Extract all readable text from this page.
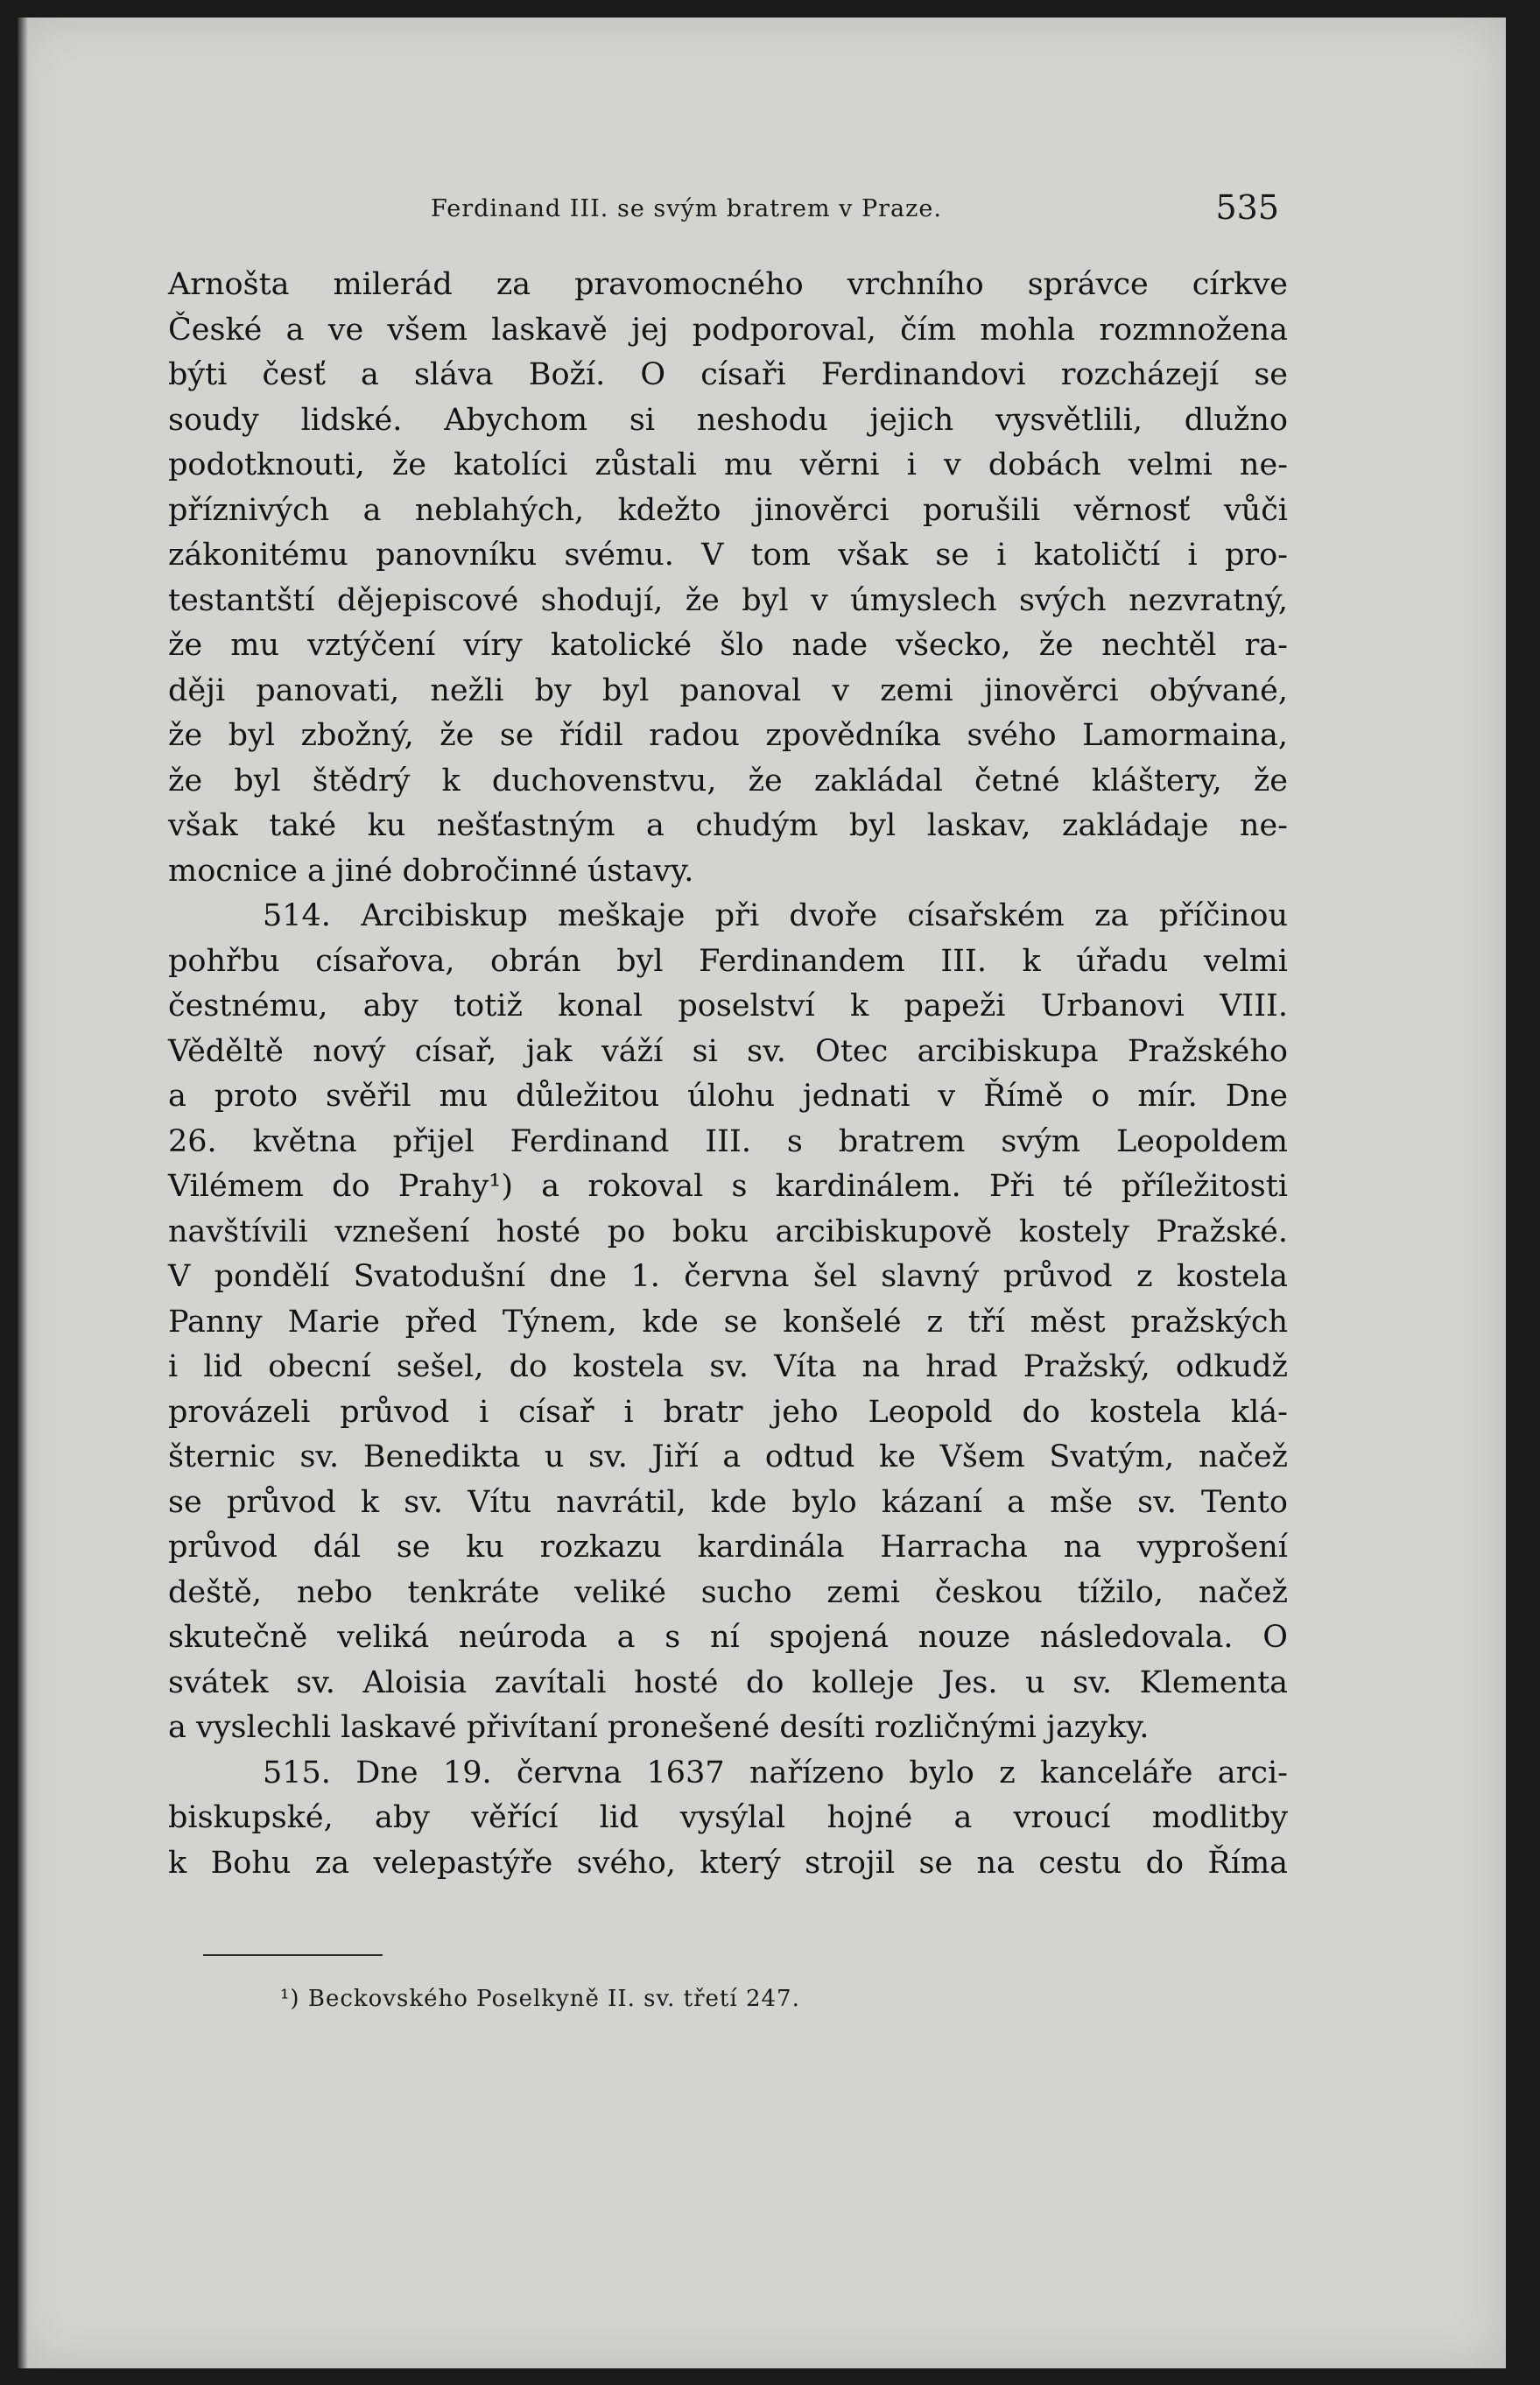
Ferdinand III. se svým bratrem v Praze.	535
Arnošta milerád za pravomocného vrchního správce církve
České a ve všem laskavě jej podporoval, čím mohla rozmnožena
býti česť a sláva Boží. O císaři Ferdinandovi rozcházejí se
soudy lidské. Abychom si neshodu jejich vysvětlili, dlužno
podotknouti, že katolíci zůstali mu věrni i v dobách velmi ne-
příznivých a neblahých, kdežto jinověrci porušili věrnosť vůči
zákonitému panovníku svému. V tom však se i katoličtí i pro-
testantští dějepiscové shodují, že byl v úmyslech svých nezvratný,
že mu vztýčení víry katolické šlo nade všecko, že nechtěl ra-
ději panovati, nežli by byl panoval v zemi jinověrci obývané,
že byl zbožný, že se řídil radou zpovědníka svého Lamormaina,
že byl štědrý k duchovenstvu, že zakládal četné kláštery, že
však také ku nešťastným a chudým byl laskav, zakládaje ne-
mocnice a jiné dobročinné ústavy.
514. Arcibiskup meškaje při dvoře císařském za příčinou
pohřbu císařova, obrán byl Ferdinandem III. k úřadu velmi
čestnému, aby totiž konal poselství k papeži Urbanovi VIII.
Věděltě nový císař, jak váží si sv. Otec arcibiskupa Pražského
a proto svěřil mu důležitou úlohu jednati v Římě o mír. Dne
26. května přijel Ferdinand III. s bratrem svým Leopoldem
Vilémem do Prahy¹) a rokoval s kardinálem. Při té příležitosti
navštívili vznešení hosté po boku arcibiskupově kostely Pražské.
V pondělí Svatodušní dne 1. června šel slavný průvod z kostela
Panny Marie před Týnem, kde se konšelé z tří měst pražských
i lid obecní sešel, do kostela sv. Víta na hrad Pražský, odkudž
provázeli průvod i císař i bratr jeho Leopold do kostela klá-
šternic sv. Benedikta u sv. Jiří a odtud ke Všem Svatým, načež
se průvod k sv. Vítu navrátil, kde bylo kázaní a mše sv. Tento
průvod dál se ku rozkazu kardinála Harracha na vyprošení
deště, nebo tenkráte veliké sucho zemi českou tížilo, načež
skutečně veliká neúroda a s ní spojená nouze následovala. O
svátek sv. Aloisia zavítali hosté do kolleje Jes. u sv. Klementa
a vyslechli laskavé přivítaní pronešené desíti rozličnými jazyky.
515. Dne 19. června 1637 nařízeno bylo z kanceláře arci-
biskupské, aby věřící lid vysýlal hojné a vroucí modlitby
k Bohu za velepastýře svého, který strojil se na cestu do Říma
¹) Beckovského Poselkyně II. sv. třetí 247.
